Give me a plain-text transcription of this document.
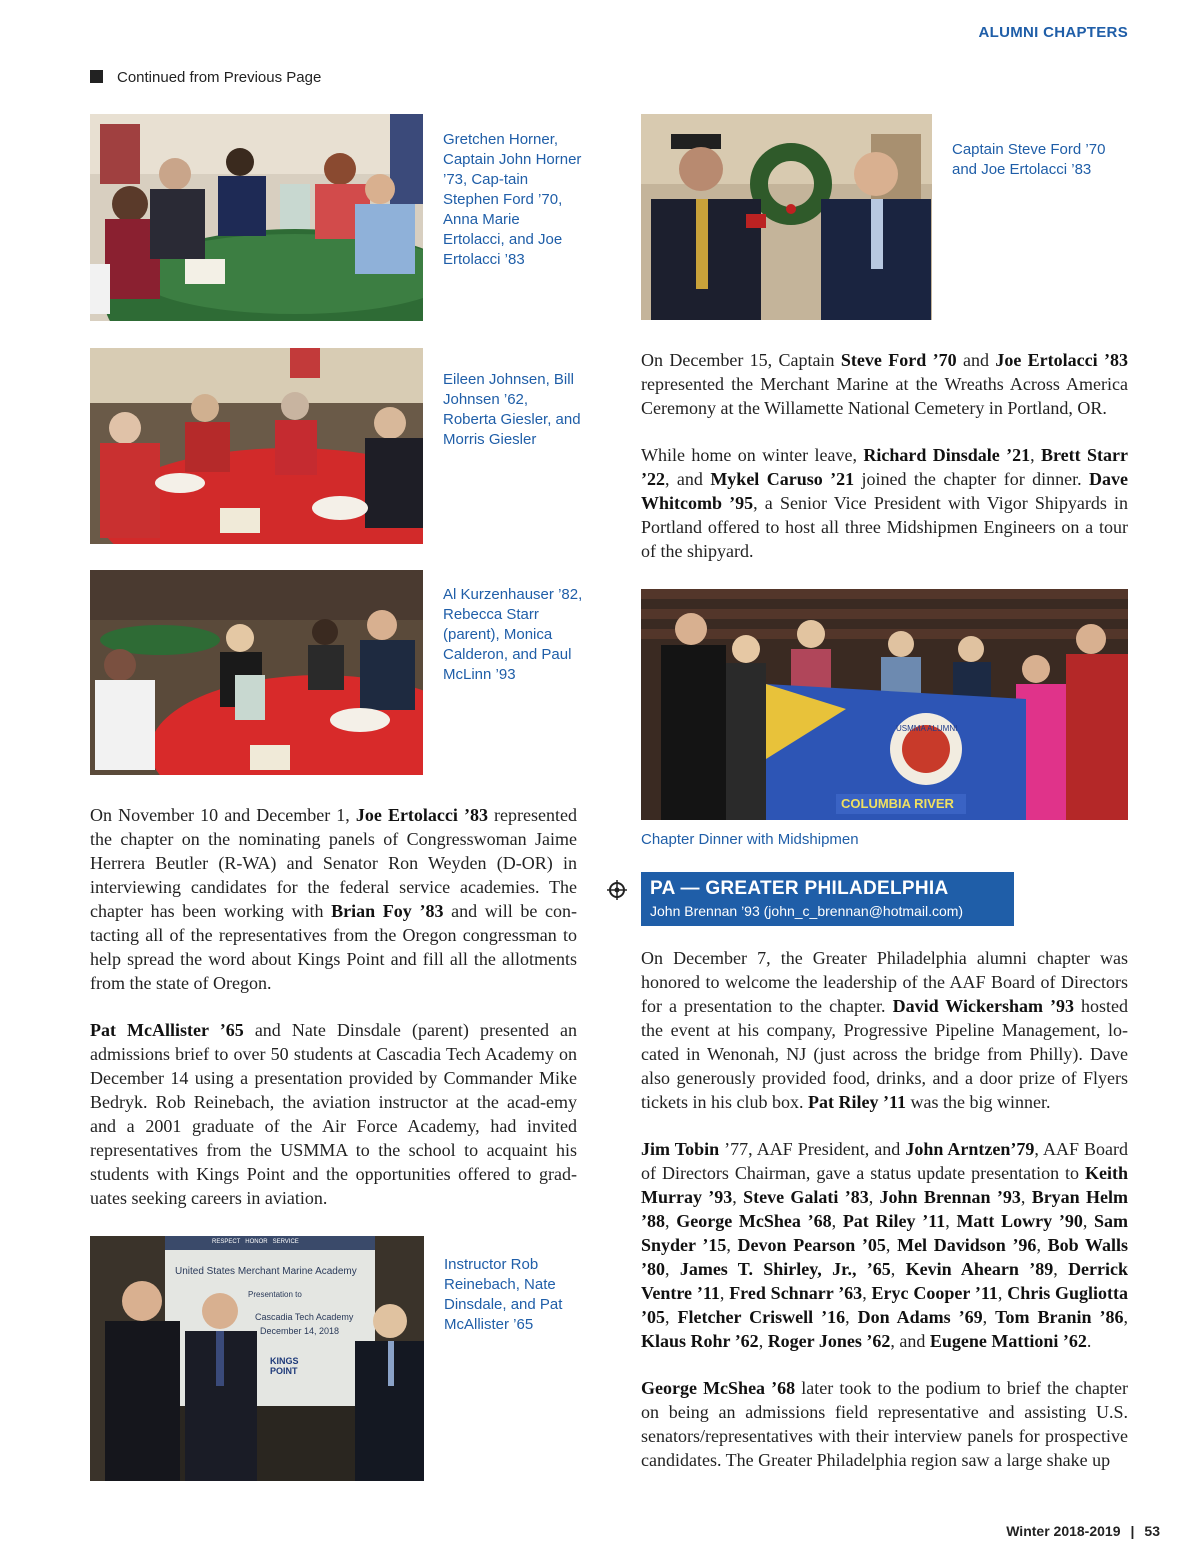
ALUMNI CHAPTERS
Continued from Previous Page
Gretchen Horner, Captain John Horner ’73, Cap-tain Stephen Ford ’70, Anna Marie Ertolacci, and Joe Ertolacci ’83
Eileen Johnsen, Bill Johnsen ’62, Roberta Giesler, and Morris Giesler
Al Kurzenhauser ’82, Rebecca Starr (parent), Monica Calderon, and Paul McLinn ’93
Captain Steve Ford ’70 and Joe Ertolacci ’83

On December 15, Captain Steve Ford ’70 and Joe Ertolacci ’83 represented the Merchant Marine at the Wreaths Across America Ceremony at the Willamette National Cemetery in Portland, OR.

While home on winter leave, Richard Dinsdale ’21, Brett Starr ’22, and Mykel Caruso ’21 joined the chapter for dinner. Dave Whitcomb ’95, a Senior Vice President with Vigor Shipyards in Portland offered to host all three Midshipmen Engineers on a tour of the shipyard.

COLUMBIA RIVER
USMMA ALUMNI
Chapter Dinner with Midshipmen
PA — GREATER PHILADELPHIA
John Brennan ’93 (john_c_brennan@hotmail.com)

On December 7, the Greater Philadelphia alumni chapter was honored to welcome the leadership of the AAF Board of Directors for a presentation to the chapter. David Wickersham ’93 hosted the event at his company, Progressive Pipeline Management, lo-cated in Wenonah, NJ (just across the bridge from Philly). Dave also generously provided food, drinks, and a door prize of Flyers tickets in his club box. Pat Riley ’11 was the big winner.

Jim Tobin ’77, AAF President, and John Arntzen’79, AAF Board of Directors Chairman, gave a status update presentation to Keith Murray ’93, Steve Galati ’83, John Brennan ’93, Bryan Helm ’88, George McShea ’68, Pat Riley ’11, Matt Lowry ’90, Sam Snyder ’15, Devon Pearson ’05, Mel Davidson ’96, Bob Walls ’80, James T. Shirley, Jr., ’65, Kevin Ahearn ’89, Derrick Ventre ’11, Fred Schnarr ’63, Eryc Cooper ’11, Chris Gugliotta ’05, Fletcher Criswell ’16, Don Adams ’69, Tom Branin ’86, Klaus Rohr ’62, Roger Jones ’62, and Eugene Mattioni ’62.

George McShea ’68 later took to the podium to brief the chapter on being an admissions field representative and assisting U.S. senators/representatives with their interview panels for prospective candidates. The Greater Philadelphia region saw a large shake up

On November 10 and December 1, Joe Ertolacci ’83 represented the chapter on the nominating panels of Congresswoman Jaime Herrera Beutler (R-WA) and Senator Ron Weyden (D-OR) in interviewing candidates for the federal service academies. The chapter has been working with Brian Foy ’83 and will be con-tacting all of the representatives from the Oregon congressman to help spread the word about Kings Point and fill all the allotments from the state of Oregon.

Pat McAllister ’65 and Nate Dinsdale (parent) presented an admissions brief to over 50 students at Cascadia Tech Academy on December 14 using a presentation provided by Commander Mike Bedryk. Rob Reinebach, the aviation instructor at the acad-emy and a 2001 graduate of the Air Force Academy, had invited representatives from the USMMA to the school to acquaint his students with Kings Point and the opportunities offered to grad-uates seeking careers in aviation.

RESPECT   HONOR   SERVICE
United States Merchant Marine Academy
Presentation to
Cascadia Tech Academy
December 14, 2018
KINGS POINT
Instructor Rob Reinebach, Nate Dinsdale, and Pat McAllister ’65
Winter 2018-2019 | 53
